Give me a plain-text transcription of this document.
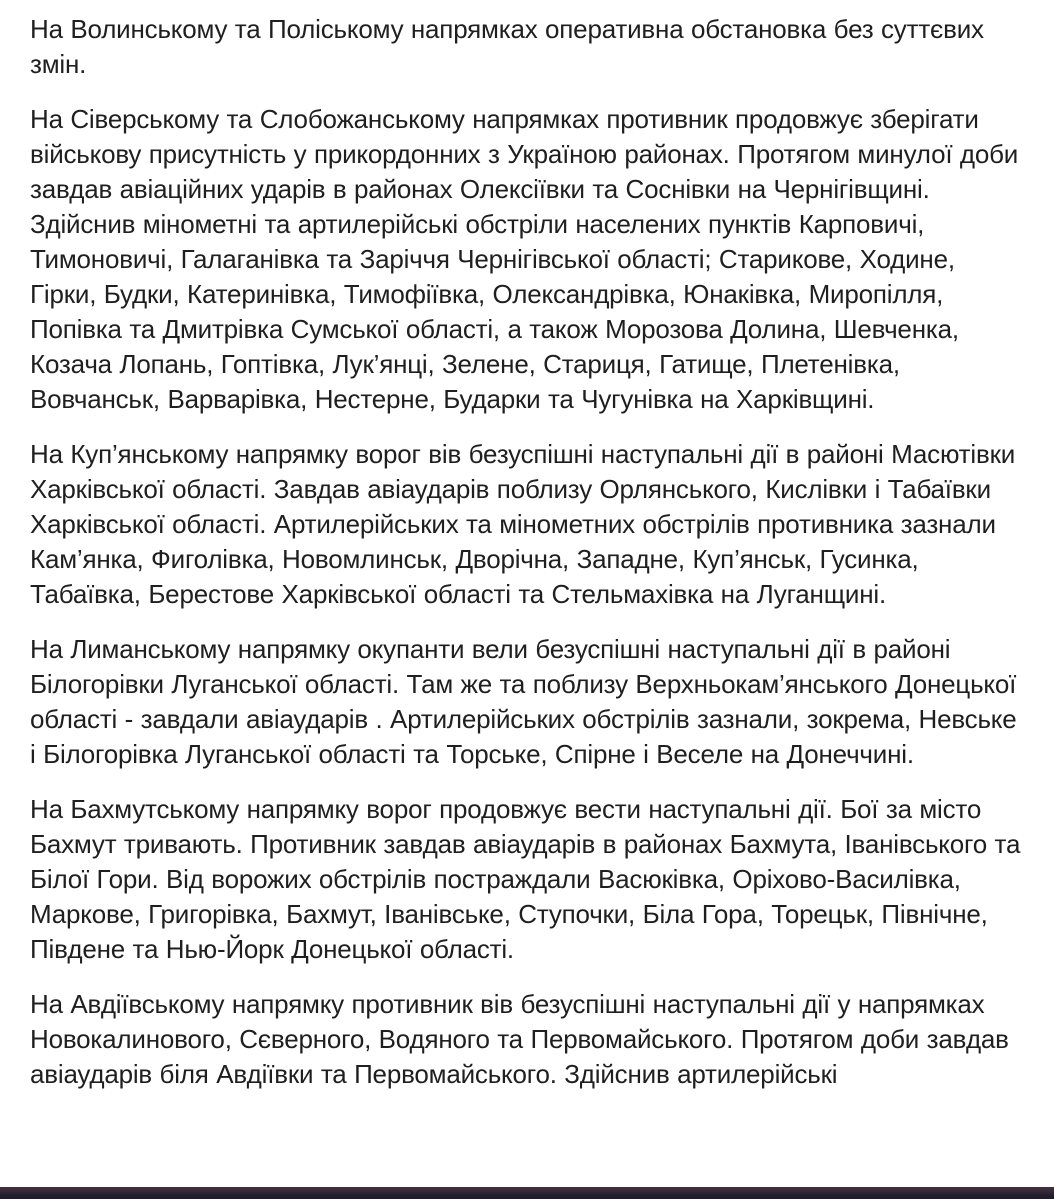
На Волинському та Поліському напрямках оперативна обстановка без суттєвих змін.

На Сіверському та Слобожанському напрямках противник продовжує зберігати військову присутність у прикордонних з Україною районах. Протягом минулої доби завдав авіаційних ударів в районах Олексіївки та Соснівки на Чернігівщині. Здійснив мінометні та артилерійські обстріли населених пунктів Карповичі, Тимоновичі, Галаганівка та Заріччя Чернігівської області; Старикове, Ходине, Гірки, Будки, Катеринівка, Тимофіївка, Олександрівка, Юнаківка, Миропілля, Попівка та Дмитрівка Сумської області, а також Морозова Долина, Шевченка, Козача Лопань, Гоптівка, Лук’янці, Зелене, Стариця, Гатище, Плетенівка, Вовчанськ, Варварівка, Нестерне, Бударки та Чугунівка на Харківщині.

На Куп’янському напрямку ворог вів безуспішні наступальні дії в районі Масютівки Харківської області. Завдав авіаударів поблизу Орлянського, Кислівки і Табаївки Харківської області. Артилерійських та мінометних обстрілів противника зазнали Кам’янка, Фиголівка, Новомлинськ, Дворічна, Западне, Куп’янськ, Гусинка, Табаївка, Берестове Харківської області та Стельмахівка на Луганщині.

На Лиманському напрямку окупанти вели безуспішні наступальні дії в районі Білогорівки Луганської області. Там же та поблизу Верхньокам’янського Донецької області - завдали авіаударів . Артилерійських обстрілів зазнали, зокрема, Невське і Білогорівка Луганської області та Торське, Спірне і Веселе на Донеччині.

На Бахмутському напрямку ворог продовжує вести наступальні дії. Бої за місто Бахмут тривають. Противник завдав авіаударів в районах Бахмута, Іванівського та Білої Гори. Від ворожих обстрілів постраждали Васюківка, Оріхово-Василівка, Маркове, Григорівка, Бахмут, Іванівське, Ступочки, Біла Гора, Торецьк, Північне, Південе та Нью-Йорк Донецької області.

На Авдіївському напрямку противник вів безуспішні наступальні дії у напрямках Новокалинового, Сєверного, Водяного та Первомайського. Протягом доби завдав авіаударів біля Авдіївки та Первомайського. Здійснив артилерійські
